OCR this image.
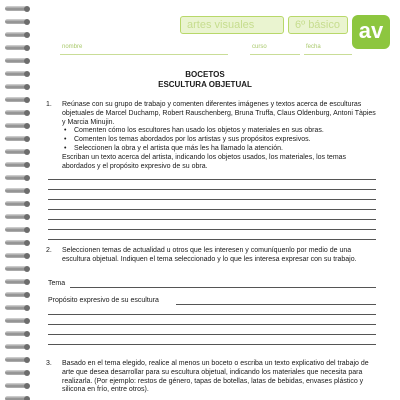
artes visuales	6º básico av
nombre	curso	fecha
BOCETOS
ESCULTURA OBJETUAL
1. Reúnase con su grupo de trabajo y comenten diferentes imágenes y textos acerca de esculturas objetuales de Marcel Duchamp, Robert Rauschenberg, Bruna Truffa, Claus Oldenburg, Antoni Tàpies y Marcia Minujin.
• Comenten cómo los escultores han usado los objetos y materiales en sus obras.
• Comenten los temas abordados por los artistas y sus propósitos expresivos.
• Seleccionen la obra y el artista que más les ha llamado la atención.
Escriban un texto acerca del artista, indicando los objetos usados, los materiales, los temas abordados y el propósito expresivo de su obra.
2. Seleccionen temas de actualidad u otros que les interesen y comuníquenlo por medio de una escultura objetual. Indiquen el tema seleccionado y lo que les interesa expresar con su trabajo.
Tema
Propósito expresivo de su escultura
3. Basado en el tema elegido, realice al menos un boceto o escriba un texto explicativo del trabajo de arte que desea desarrollar para su escultura objetual, indicando los materiales que necesita para realizarla. (Por ejemplo: restos de género, tapas de botellas, latas de bebidas, envases plástico y silicona en frío, entre otros).
